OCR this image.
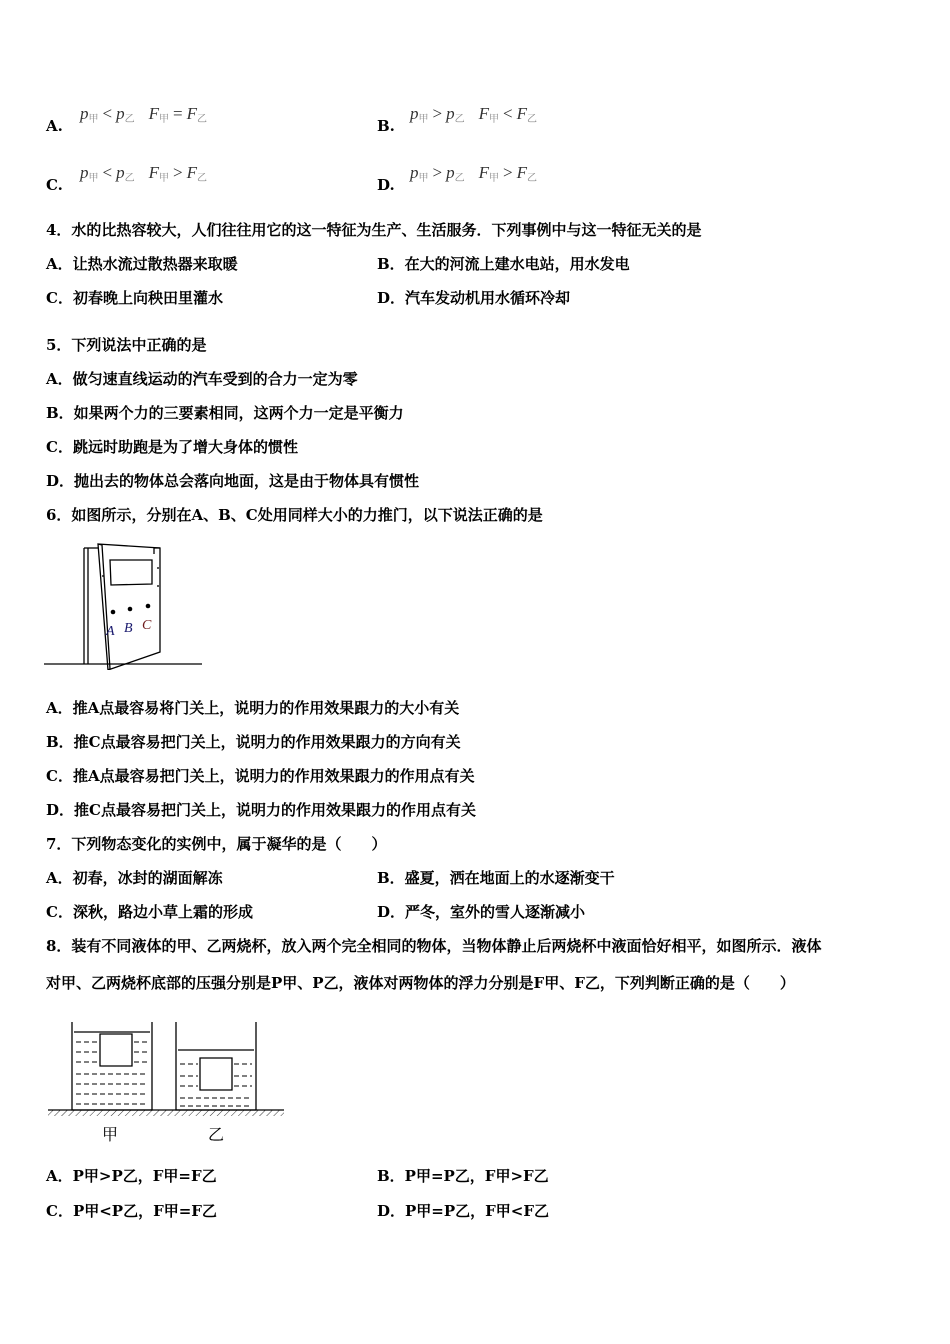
A.
$p_甲 < p_乙$ $F_甲 = F_乙$	B.
$p_甲 > p_乙$ $F_甲 < F_乙$
C.
$p_甲 < p_乙$ $F_甲 > F_乙$	D.
$p_甲 > p_乙$ $F_甲 > F_乙$
4．水的比热容较大，人们往往用它的这一特征为生产、生活服务．下列事例中与这一特征无关的是
A．让热水流过散热器来取暖	B．在大的河流上建水电站，用水发电
C．初春晚上向秧田里灌水	D．汽车发动机用水循环冷却
5．下列说法中正确的是
A．做匀速直线运动的汽车受到的合力一定为零
B．如果两个力的三要素相同，这两个力一定是平衡力
C．跳远时助跑是为了增大身体的惯性
D．抛出去的物体总会落向地面，这是由于物体具有惯性
6．如图所示，分别在A、B、C处用同样大小的力推门，以下说法正确的是
A B C
A．推A点最容易将门关上，说明力的作用效果跟力的大小有关
B．推C点最容易把门关上，说明力的作用效果跟力的方向有关
C．推A点最容易把门关上，说明力的作用效果跟力的作用点有关
D．推C点最容易把门关上，说明力的作用效果跟力的作用点有关
7．下列物态变化的实例中，属于凝华的是（　　）
A．初春，冰封的湖面解冻	B．盛夏，洒在地面上的水逐渐变干
C．深秋，路边小草上霜的形成	D．严冬，室外的雪人逐渐减小
8．装有不同液体的甲、乙两烧杯，放入两个完全相同的物体，当物体静止后两烧杯中液面恰好相平，如图所示．液体
对甲、乙两烧杯底部的压强分别是P甲、P乙，液体对两物体的浮力分别是F甲、F乙，下列判断正确的是（　　）
甲	乙
A．P甲>P乙，F甲=F乙	B．P甲=P乙，F甲>F乙
C．P甲<P乙，F甲=F乙	D．P甲=P乙，F甲<F乙
